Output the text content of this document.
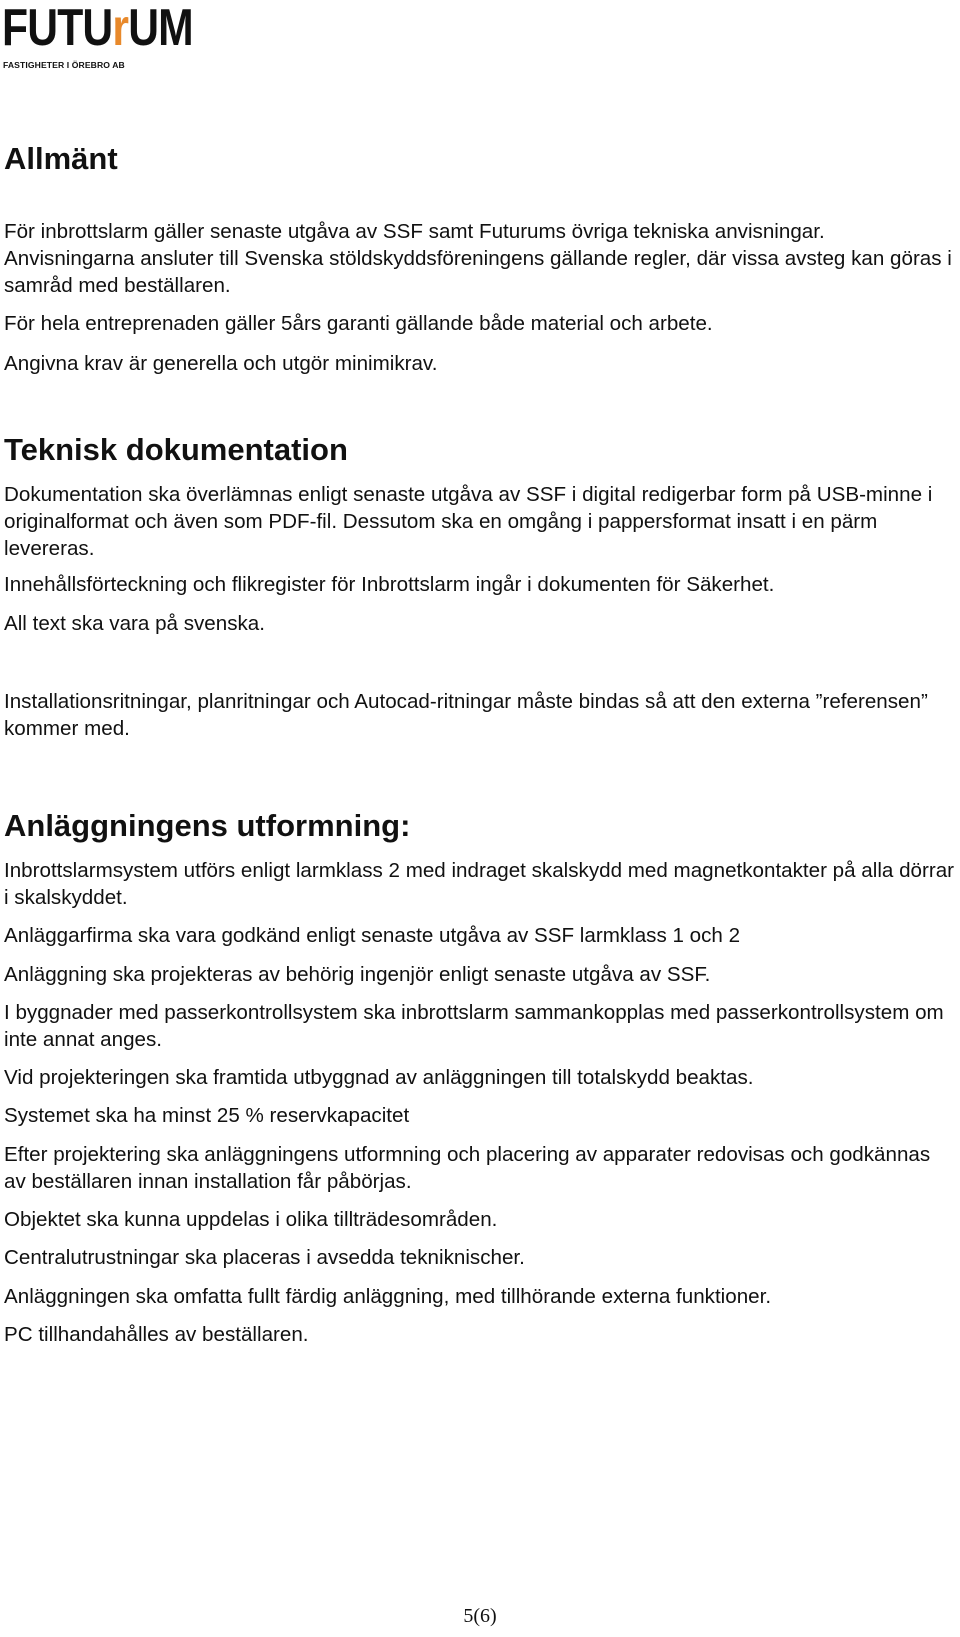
FUTU r UM
FASTIGHETER I ÖREBRO AB
Allmänt

För inbrottslarm gäller senaste utgåva av SSF samt Futurums övriga tekniska anvisningar. Anvisningarna ansluter till Svenska stöldskyddsföreningens gällande regler, där vissa avsteg kan göras i samråd med beställaren.

För hela entreprenaden gäller 5års garanti gällande både material och arbete.

Angivna krav är generella och utgör minimikrav.

Teknisk dokumentation

Dokumentation ska överlämnas enligt senaste utgåva av SSF i digital redigerbar form på USB-minne i originalformat och även som PDF-fil. Dessutom ska en omgång i pappersformat insatt i en pärm levereras.

Innehållsförteckning och flikregister för Inbrottslarm ingår i dokumenten för Säkerhet.

All text ska vara på svenska.

Installationsritningar, planritningar och Autocad-ritningar måste bindas så att den externa ”referensen” kommer med.

Anläggningens utformning:

Inbrottslarmsystem utförs enligt larmklass 2 med indraget skalskydd med magnetkontakter på alla dörrar i skalskyddet.

Anläggarfirma ska vara godkänd enligt senaste utgåva av SSF larmklass 1 och 2

Anläggning ska projekteras av behörig ingenjör enligt senaste utgåva av SSF.

I byggnader med passerkontrollsystem ska inbrottslarm sammankopplas med passerkontrollsystem om inte annat anges.

Vid projekteringen ska framtida utbyggnad av anläggningen till totalskydd beaktas.

Systemet ska ha minst 25 % reservkapacitet

Efter projektering ska anläggningens utformning och placering av apparater redovisas och godkännas av beställaren innan installation får påbörjas.

Objektet ska kunna uppdelas i olika tillträdesområden.

Centralutrustningar ska placeras i avsedda tekniknischer.

Anläggningen ska omfatta fullt färdig anläggning, med tillhörande externa funktioner.

PC tillhandahålles av beställaren.

5(6)
